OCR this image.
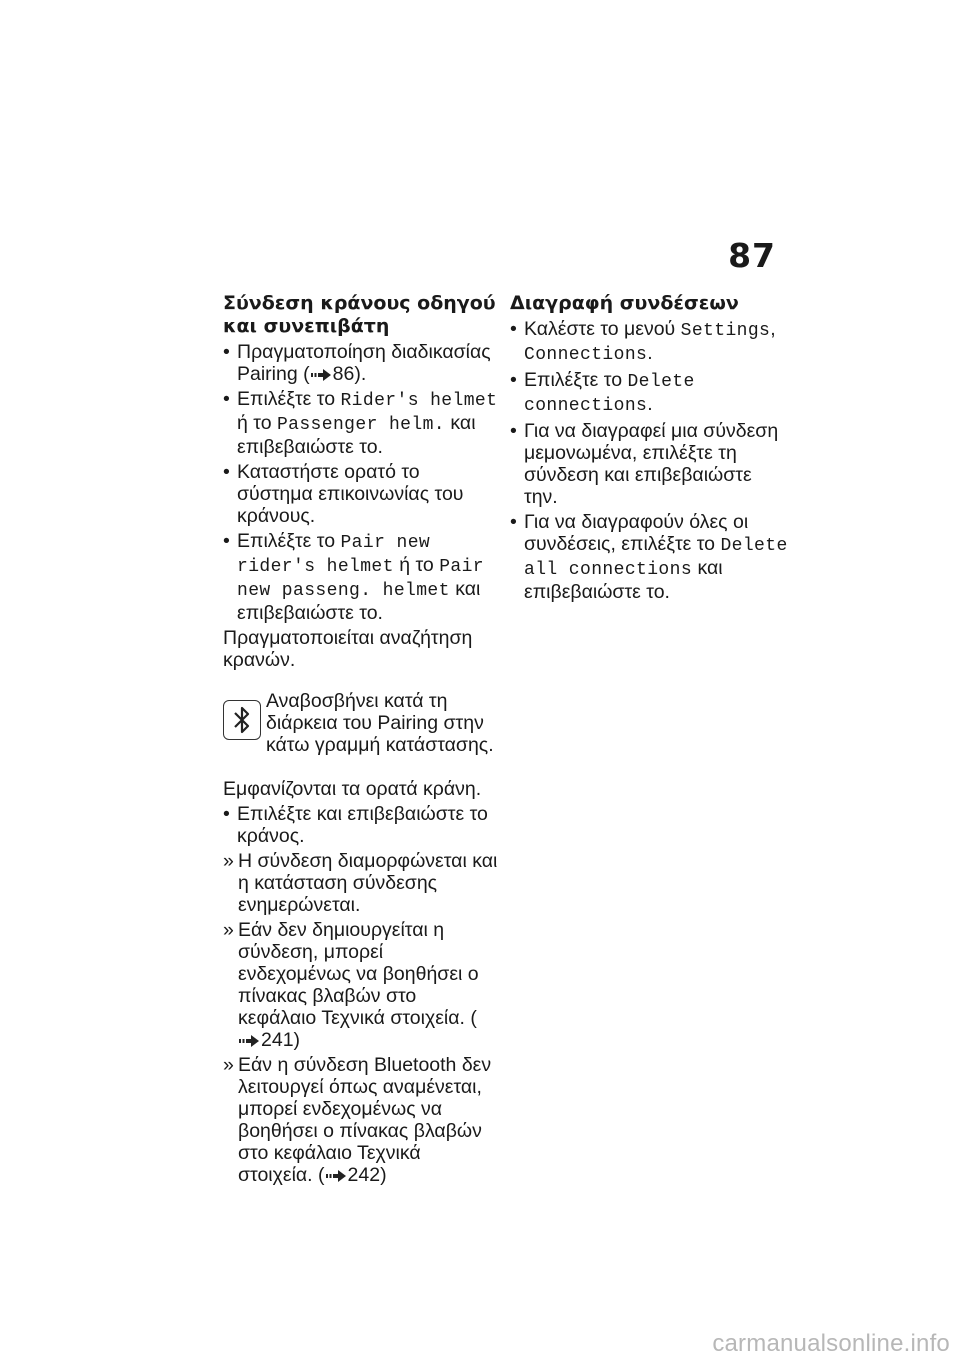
87
Σύνδεση κράνους οδηγού και συνεπιβάτη
• Πραγματοποίηση διαδικασίας Pairing ( 86).
• Επιλέξτε το Rider's helmet ή το Passenger helm. και επιβεβαιώστε το.
• Καταστήστε ορατό το σύστημα επικοινωνίας του κράνους.
• Επιλέξτε το Pair new rider's helmet ή το Pair new passeng. helmet και επιβεβαιώστε το.

Πραγματοποιείται αναζήτηση κρανών.

Αναβοσβήνει κατά τη διάρκεια του Pairing στην κάτω γραμμή κατάστασης.

Εμφανίζονται τα ορατά κράνη.

• Επιλέξτε και επιβεβαιώστε το κράνος.
» Η σύνδεση διαμορφώνεται και η κατάσταση σύνδεσης ενημερώνεται.
» Εάν δεν δημιουργείται η σύνδεση, μπορεί ενδεχομένως να βοηθήσει ο πίνακας βλαβών στο κεφάλαιο Τεχνικά στοιχεία. (241)
» Εάν η σύνδεση Bluetooth δεν λειτουργεί όπως αναμένεται, μπορεί ενδεχομένως να βοηθήσει ο πίνακας βλαβών στο κεφάλαιο Τεχνικά στοιχεία. ( 242)
Διαγραφή συνδέσεων
• Καλέστε το μενού Settings, Connections.
• Επιλέξτε το Delete connections.
• Για να διαγραφεί μια σύνδεση μεμονωμένα, επιλέξτε τη σύνδεση και επιβεβαιώστε την.
• Για να διαγραφούν όλες οι συνδέσεις, επιλέξτε το Delete all connections και επιβεβαιώστε το.
carmanualsonline.info
